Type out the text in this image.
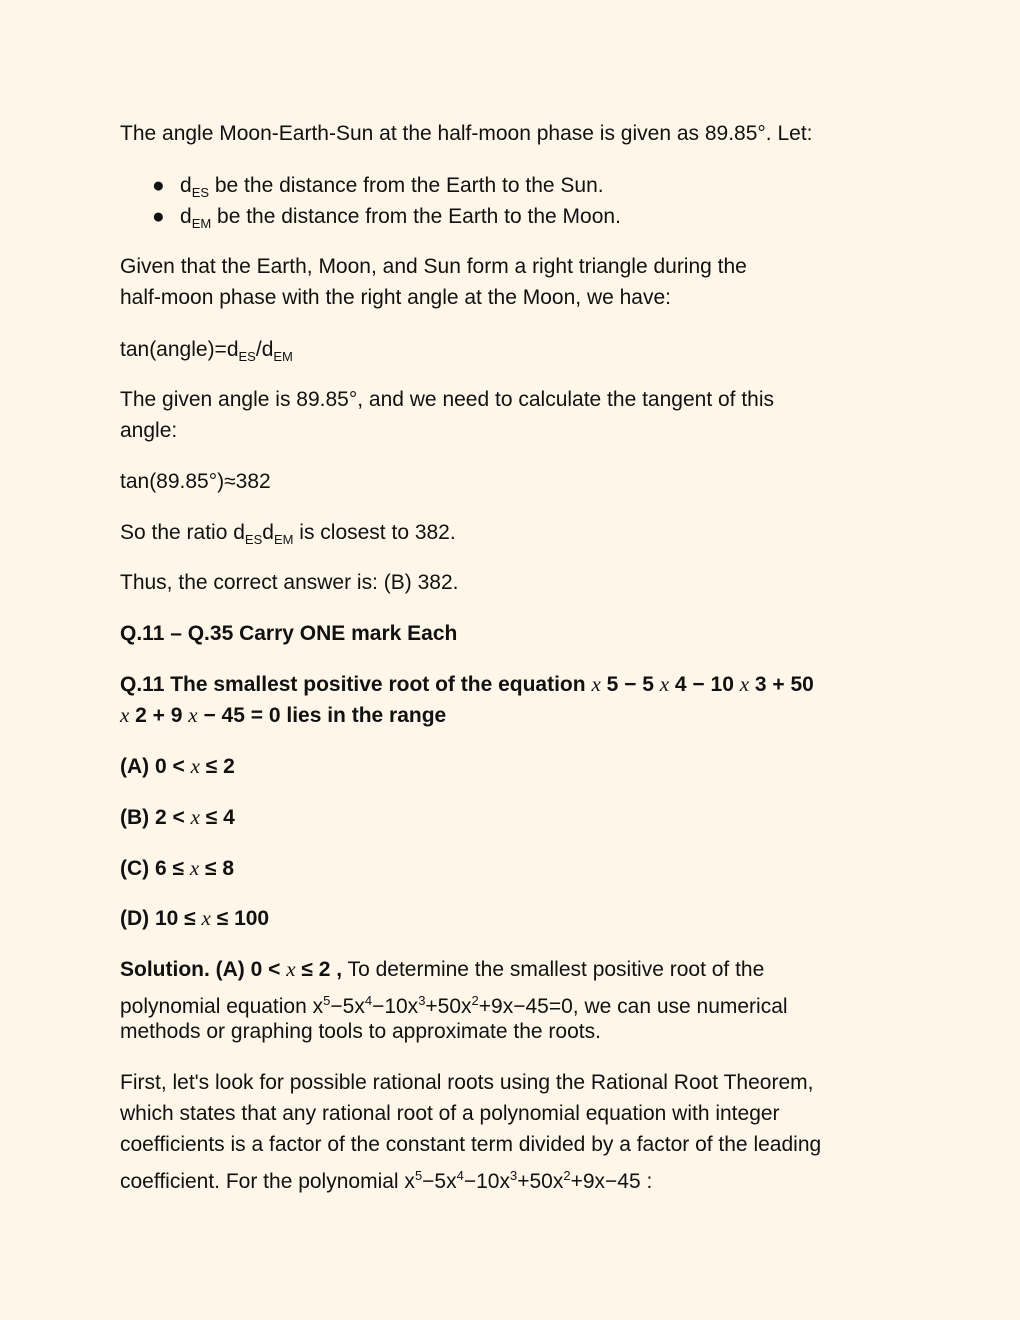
The angle Moon-Earth-Sun at the half-moon phase is given as 89.85°. Let:
● $d_{ES}$ be the distance from the Earth to the Sun.
● $d_{EM}$ be the distance from the Earth to the Moon.
Given that the Earth, Moon, and Sun form a right triangle during the
half-moon phase with the right angle at the Moon, we have:
$\tan(angle)=d_{ES}/d_{EM}$
The given angle is 89.85°, and we need to calculate the tangent of this
angle:
tan(89.85°)≈382
So the ratio $d_{ES}d_{EM}$ is closest to 382.
Thus, the correct answer is: (B) 382.
Q.11 – Q.35 Carry ONE mark Each
Q.11 The smallest positive root of the equation x 5 − 5 x 4 − 10 x 3 + 50
x 2 + 9 x − 45 = 0 lies in the range
(A) 0 < x ≤ 2
(B) 2 < x ≤ 4
(C) 6 ≤ x ≤ 8
(D) 10 ≤ x ≤ 100
Solution. (A) 0 < x ≤ 2 , To determine the smallest positive root of the
polynomial equation $x^5-5x^4-10x^3+50x^2+9x-45=0$, we can use numerical
methods or graphing tools to approximate the roots.
First, let's look for possible rational roots using the Rational Root Theorem,
which states that any rational root of a polynomial equation with integer
coefficients is a factor of the constant term divided by a factor of the leading
coefficient. For the polynomial $x^5-5x^4-10x^3+50x^2+9x-45$ :
